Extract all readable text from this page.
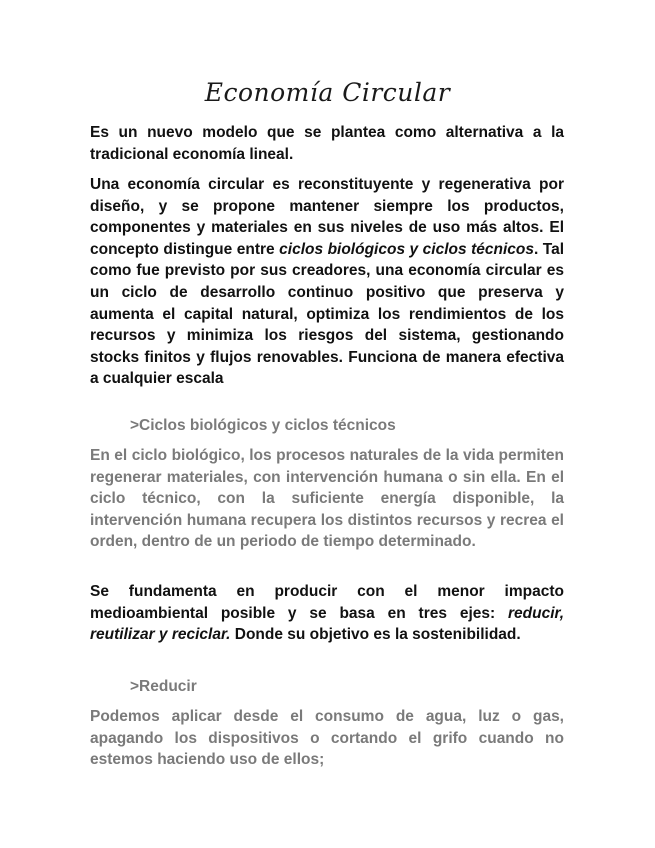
Economía Circular

Es un nuevo modelo que se plantea como alternativa a la tradicional economía lineal.

Una economía circular es reconstituyente y regenerativa por diseño, y se propone mantener siempre los productos, componentes y materiales en sus niveles de uso más altos. El concepto distingue entre ciclos biológicos y ciclos técnicos. Tal como fue previsto por sus creadores, una economía circular es un ciclo de desarrollo continuo positivo que preserva y aumenta el capital natural, optimiza los rendimientos de los recursos y minimiza los riesgos del sistema, gestionando stocks finitos y flujos renovables. Funciona de manera efectiva a cualquier escala

>Ciclos biológicos y ciclos técnicos

En el ciclo biológico, los procesos naturales de la vida permiten regenerar materiales, con intervención humana o sin ella. En el ciclo técnico, con la suficiente energía disponible, la intervención humana recupera los distintos recursos y recrea el orden, dentro de un periodo de tiempo determinado.

Se fundamenta en producir con el menor impacto medioambiental posible y se basa en tres ejes: reducir, reutilizar y reciclar. Donde su objetivo es la sostenibilidad.

>Reducir

Podemos aplicar desde el consumo de agua, luz o gas, apagando los dispositivos o cortando el grifo cuando no estemos haciendo uso de ellos;
